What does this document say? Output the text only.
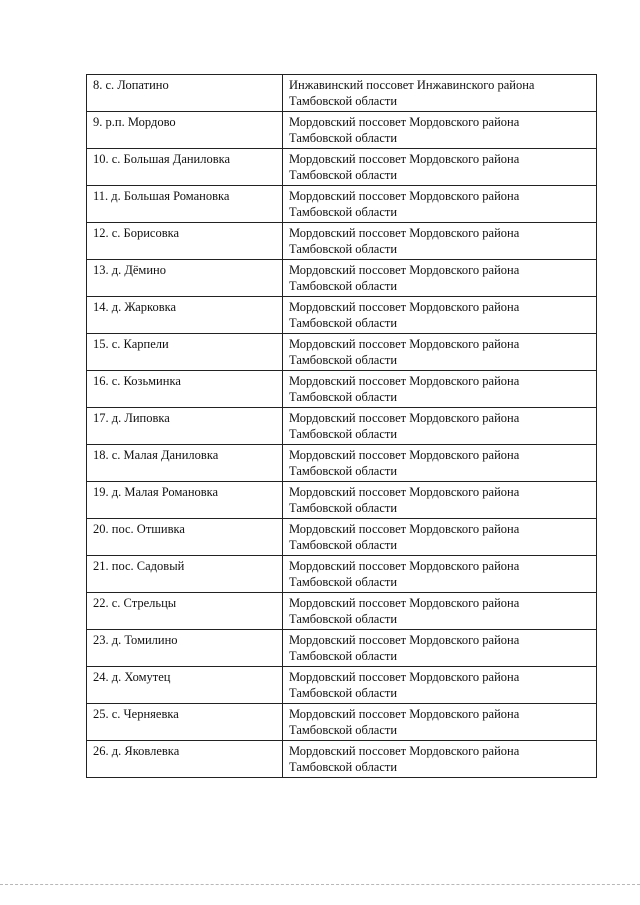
8. с. Лопатино	Инжавинский поссовет Инжавинского района
Тамбовской области

9. р.п. Мордово	Мордовский поссовет Мордовского района
Тамбовской области

10. с. Большая Даниловка	Мордовский поссовет Мордовского района
Тамбовской области

11. д. Большая Романовка	Мордовский поссовет Мордовского района
Тамбовской области

12. с. Борисовка	Мордовский поссовет Мордовского района
Тамбовской области

13. д. Дёмино	Мордовский поссовет Мордовского района
Тамбовской области

14. д. Жарковка	Мордовский поссовет Мордовского района
Тамбовской области

15. с. Карпели	Мордовский поссовет Мордовского района
Тамбовской области

16. с. Козьминка	Мордовский поссовет Мордовского района
Тамбовской области

17. д. Липовка	Мордовский поссовет Мордовского района
Тамбовской области

18. с. Малая Даниловка	Мордовский поссовет Мордовского района
Тамбовской области

19. д. Малая Романовка	Мордовский поссовет Мордовского района
Тамбовской области

20. пос. Отшивка	Мордовский поссовет Мордовского района
Тамбовской области

21. пос. Садовый	Мордовский поссовет Мордовского района
Тамбовской области

22. с. Стрельцы	Мордовский поссовет Мордовского района
Тамбовской области

23. д. Томилино	Мордовский поссовет Мордовского района
Тамбовской области

24. д. Хомутец	Мордовский поссовет Мордовского района
Тамбовской области

25. с. Черняевка	Мордовский поссовет Мордовского района
Тамбовской области

26. д. Яковлевка	Мордовский поссовет Мордовского района
Тамбовской области
